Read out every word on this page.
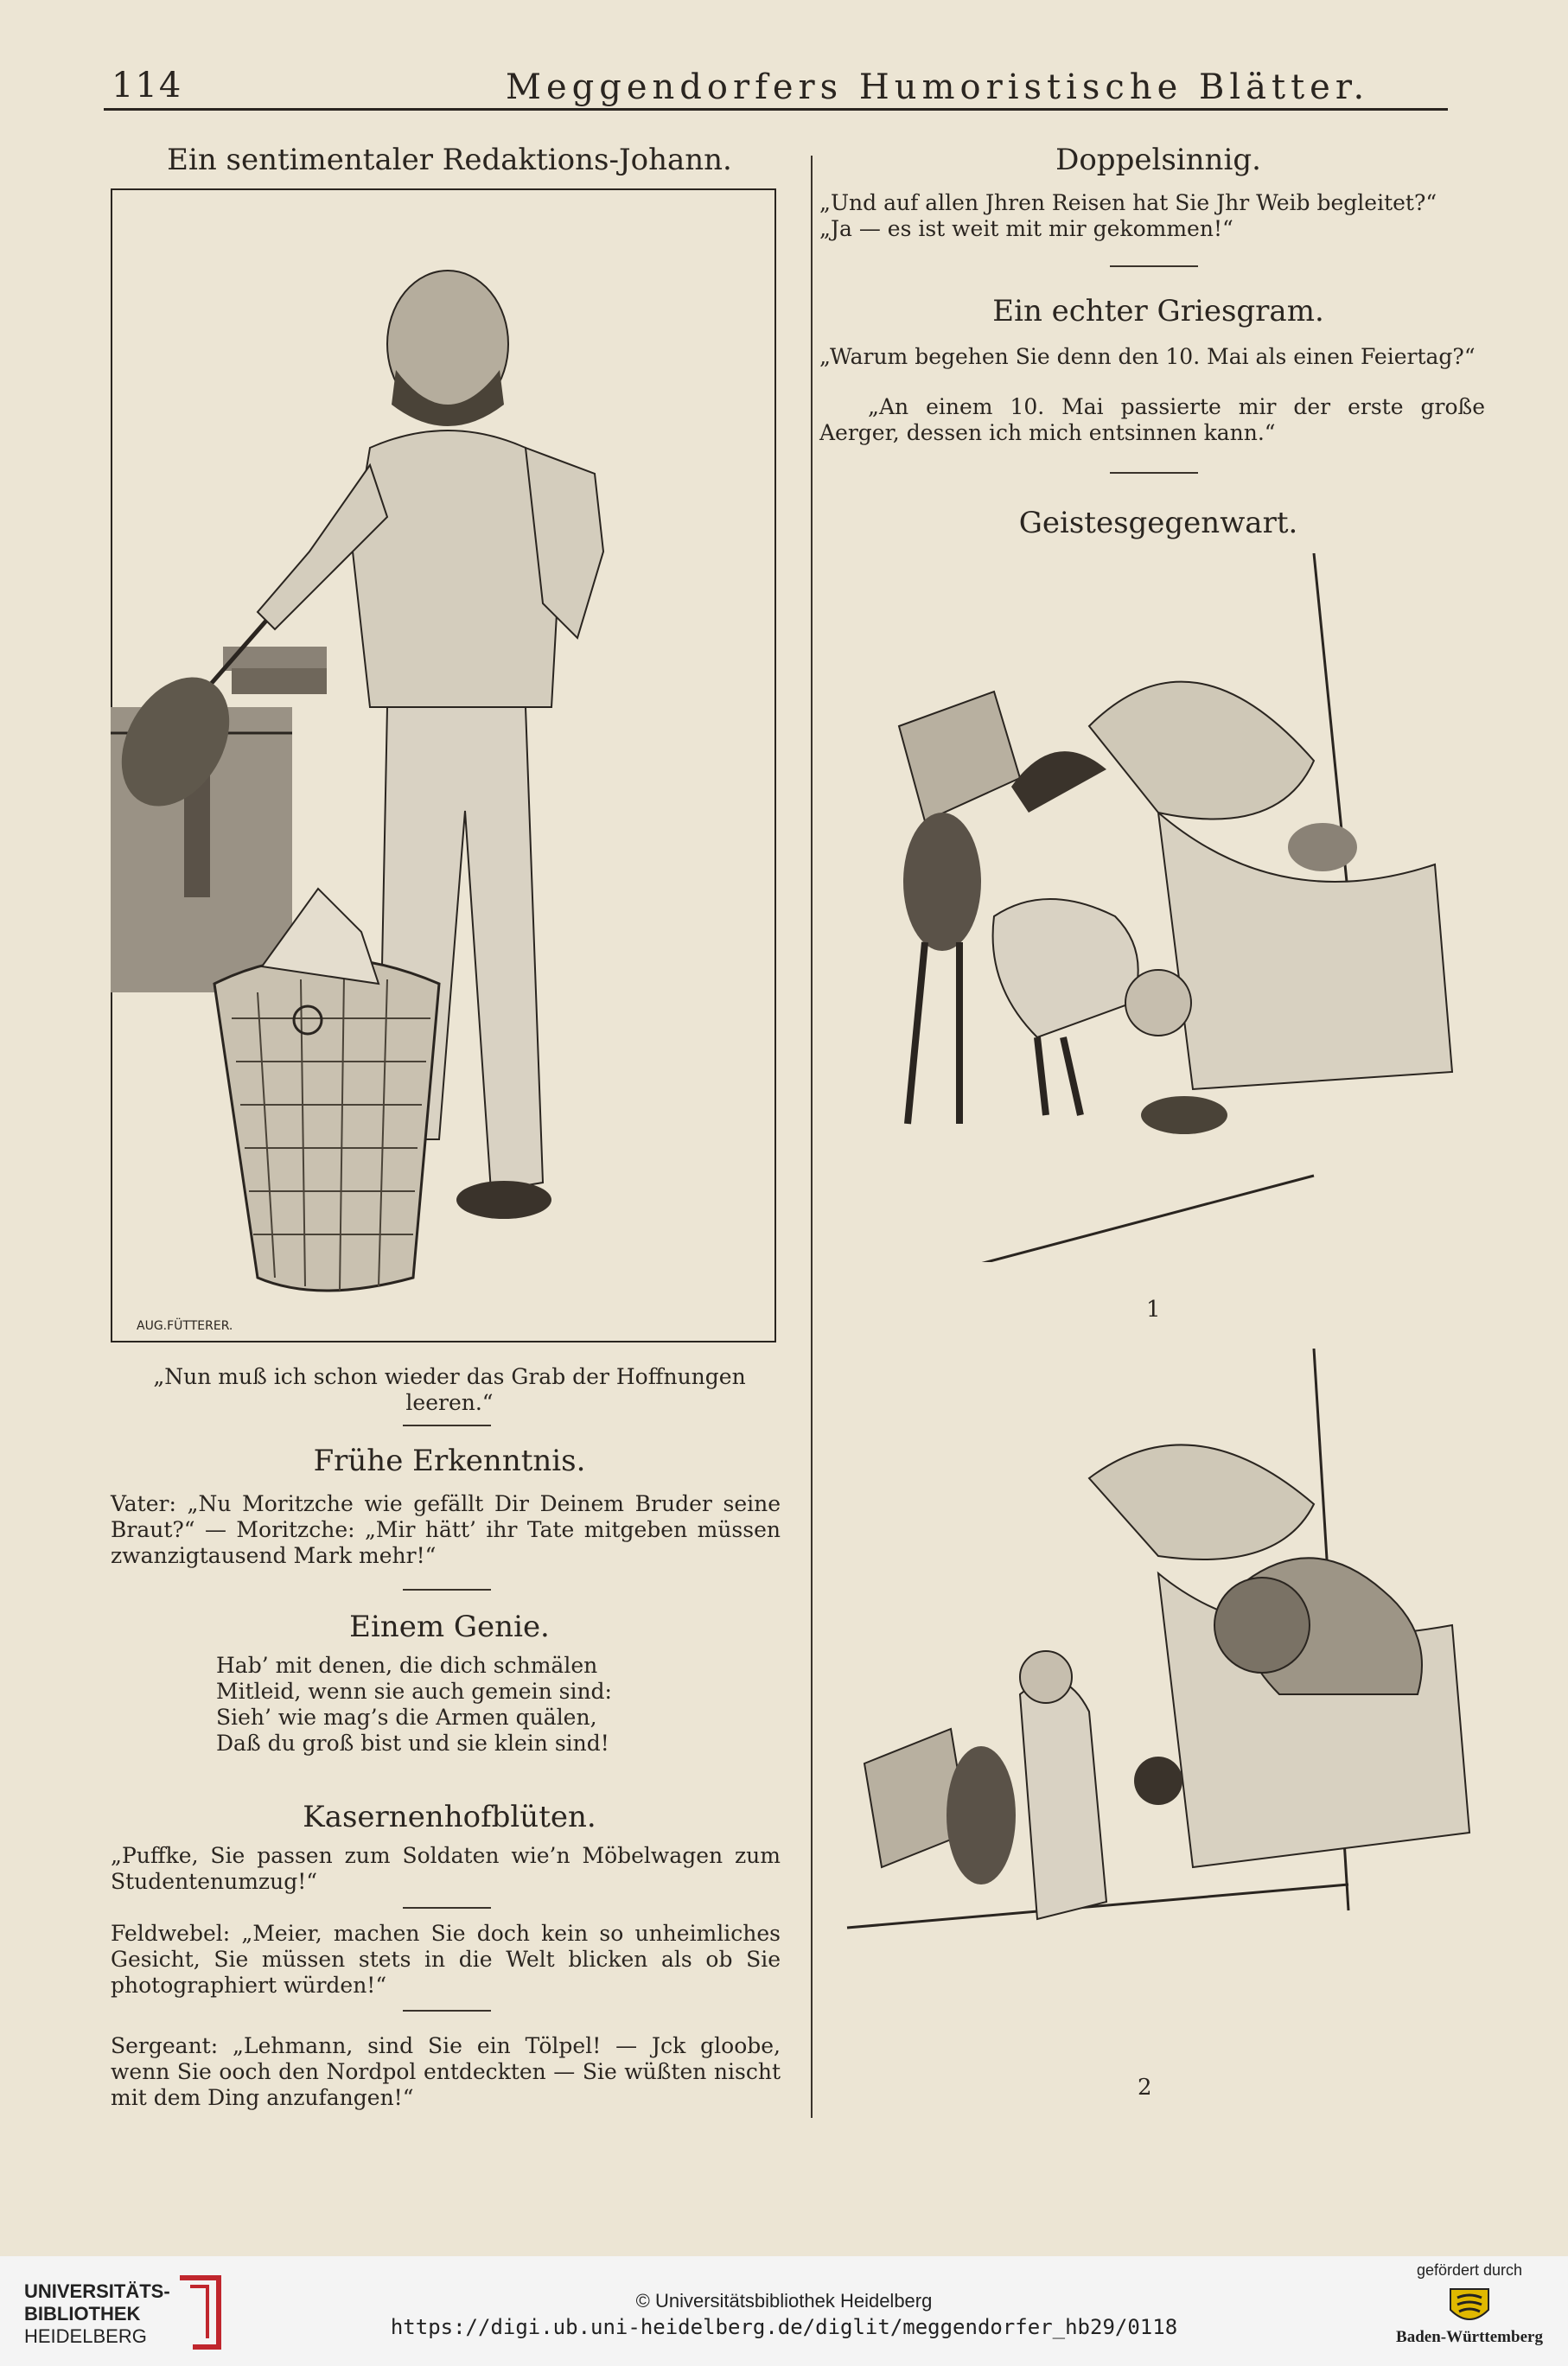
114	Meggendorfers Humoristische Blätter.
Ein sentimentaler Redaktions-Johann.
AUG.FÜTTERER.
„Nun muß ich schon wieder das Grab der Hoffnungen leeren.“
Frühe Erkenntnis.
Vater: „Nu Moritzche wie gefällt Dir Deinem Bruder seine Braut?“ — Moritzche: „Mir hätt’ ihr Tate mitgeben müssen zwanzigtausend Mark mehr!“
Einem Genie.

Hab’ mit denen, die dich schmälen

Mitleid, wenn sie auch gemein sind:

Sieh’ wie mag’s die Armen quälen,

Daß du groß bist und sie klein sind!

Kasernenhofblüten.
„Puffke, Sie passen zum Soldaten wie’n Möbelwagen zum Studentenumzug!“
Feldwebel: „Meier, machen Sie doch kein so unheimliches Gesicht, Sie müssen stets in die Welt blicken als ob Sie photographiert würden!“
Sergeant: „Lehmann, sind Sie ein Tölpel! — Jck gloobe, wenn Sie ooch den Nordpol entdeckten — Sie wüßten nischt mit dem Ding anzufangen!“
Doppelsinnig.

„Und auf allen Jhren Reisen hat Sie Jhr Weib begleitet?“

„Ja — es ist weit mit mir gekommen!“

Ein echter Griesgram.
„Warum begehen Sie denn den 10. Mai als einen Feiertag?“
„An einem 10. Mai passierte mir der erste große Aerger, dessen ich mich entsinnen kann.“
Geistesgegenwart.
1
2
UNIVERSITÄTS-
BIBLIOTHEK
HEIDELBERG
© Universitätsbibliothek Heidelberg
https://digi.ub.uni-heidelberg.de/diglit/meggendorfer_hb29/0118
gefördert durch
Baden-Württemberg
